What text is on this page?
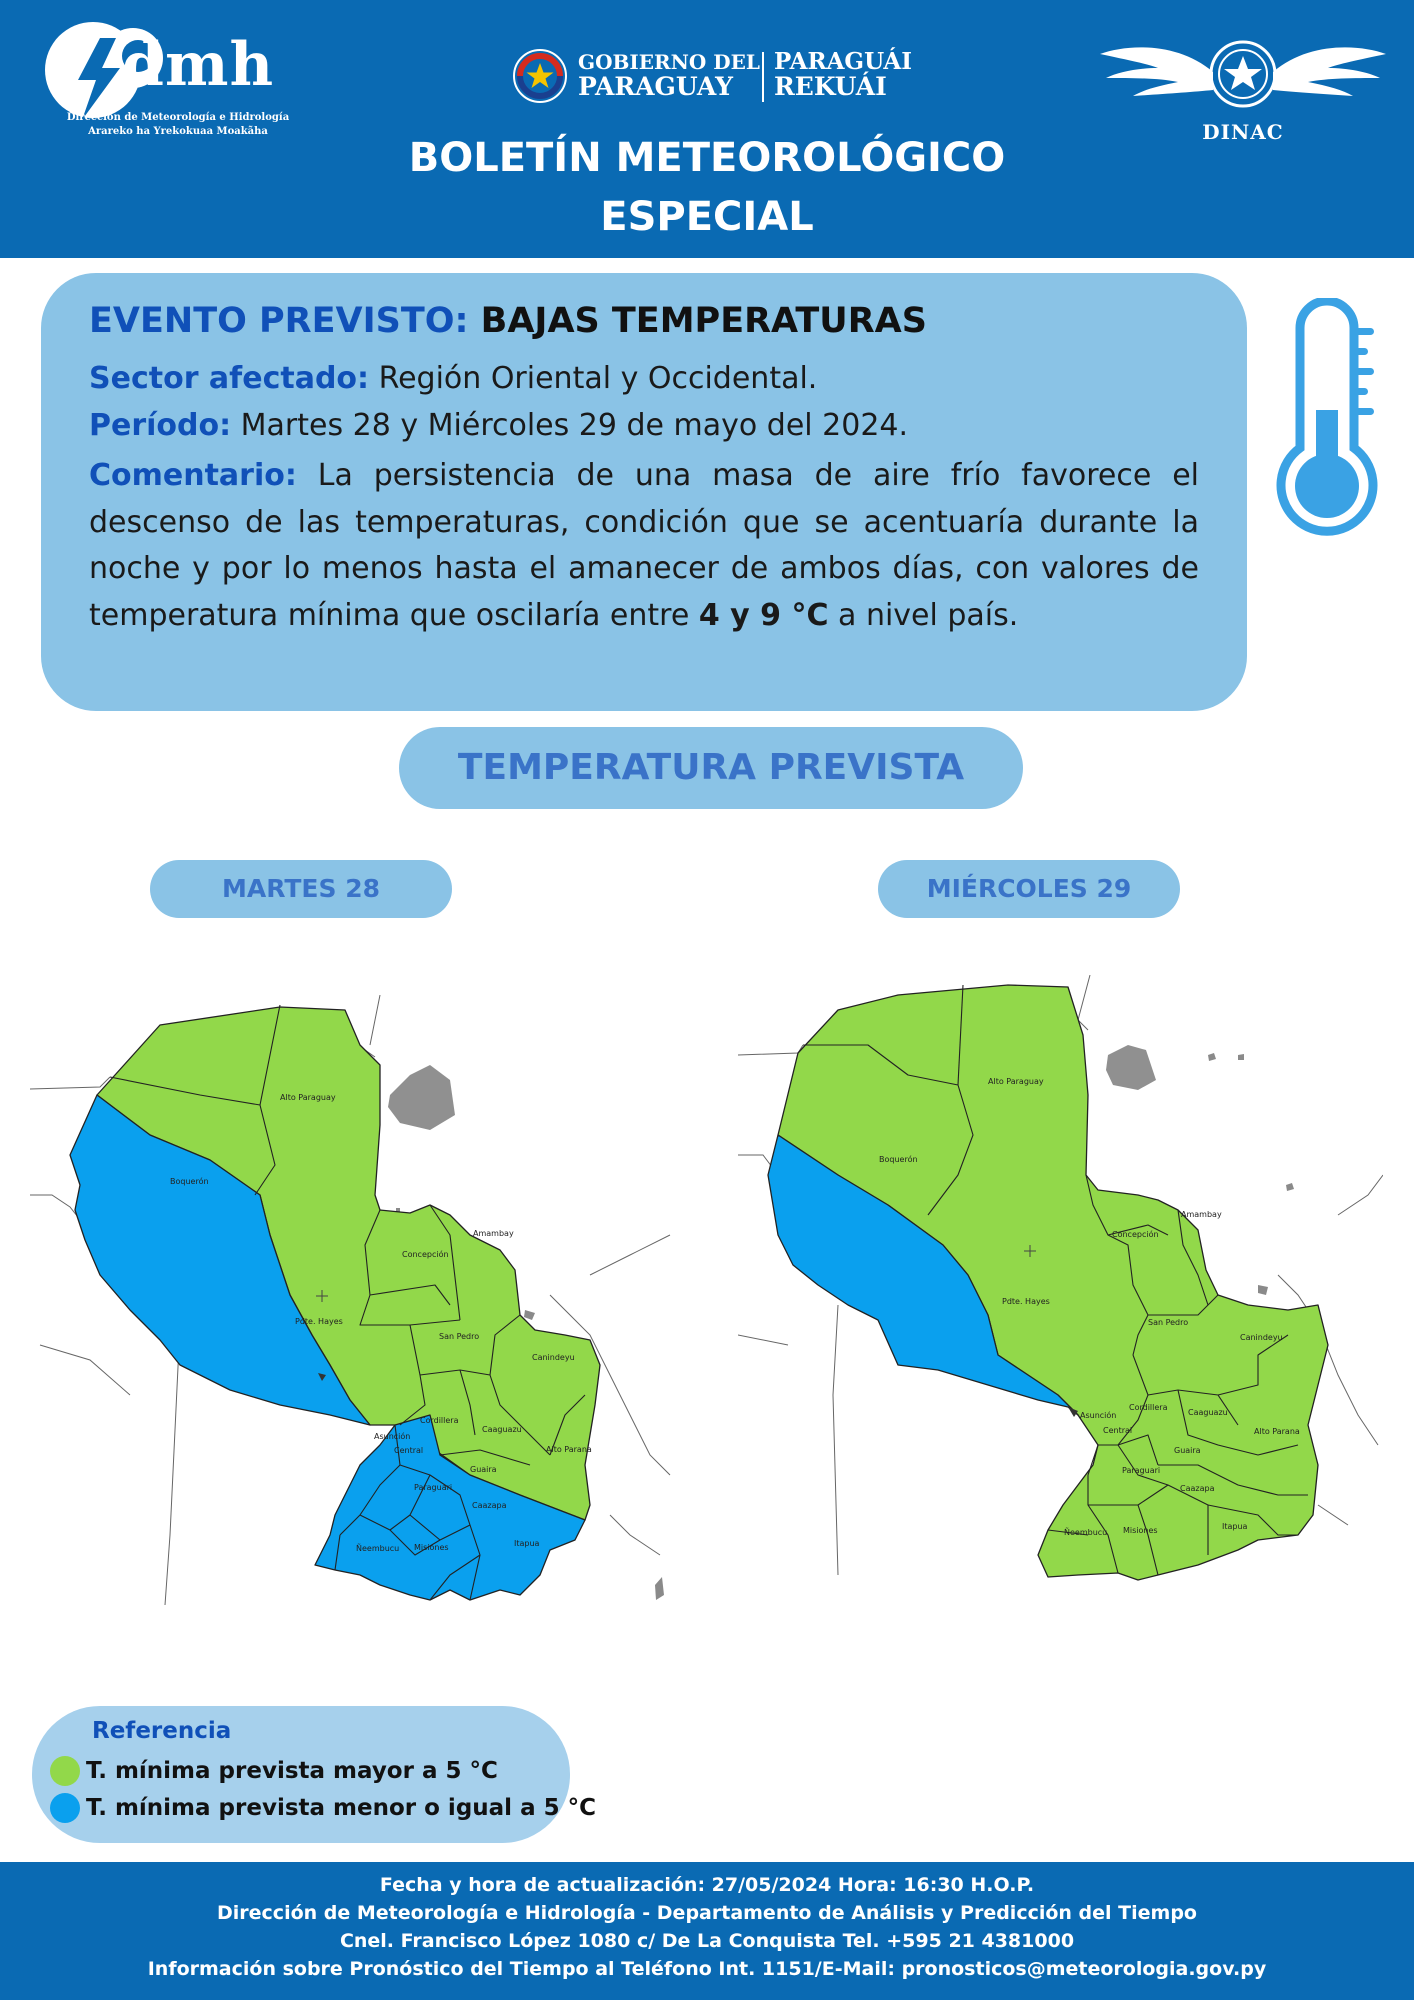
dmh
Dirección de Meteorología e Hidrología
Arareko ha Yrekokuaa Moakãha
GOBIERNO DEL
PARAGUAY
PARAGUÁI
REKUÁI
DINAC
BOLETÍN METEOROLÓGICO
ESPECIAL
EVENTO PREVISTO: BAJAS TEMPERATURAS
Sector afectado: Región Oriental y Occidental.
Período: Martes 28 y Miércoles 29 de mayo del 2024.
Comentario: La persistencia de una masa de aire frío favorece el descenso de las temperaturas, condición que se acentuaría durante la noche y por lo menos hasta el amanecer de ambos días, con valores de temperatura mínima que oscilaría entre 4 y 9 °C a nivel país.
TEMPERATURA PREVISTA
MARTES 28	MIÉRCOLES 29
Alto Paraguay
Boquerón
Pdte. Hayes
Concepción
Amambay
San Pedro
Canindeyu
Cordillera
Caaguazu
Asunción
Central	Alto Parana
Guaira
Paraguari
Caazapa
Ñeembucu Misiones	Itapua
Alto Paraguay
Boquerón
Pdte. Hayes
Concepción
Amambay
San Pedro
Canindeyu
Cordillera
Caaguazu
Asunción
Central	Alto Parana
Guaira
Paraguari
Caazapa
Ñeembucu Misiones	Itapua
Referencia
T. mínima prevista mayor a 5 °C
T. mínima prevista menor o igual a 5 °C
Fecha y hora de actualización: 27/05/2024 Hora: 16:30 H.O.P.
Dirección de Meteorología e Hidrología - Departamento de Análisis y Predicción del Tiempo
Cnel. Francisco López 1080 c/ De La Conquista Tel. +595 21 4381000
Información sobre Pronóstico del Tiempo al Teléfono Int. 1151/E-Mail: pronosticos@meteorologia.gov.py
